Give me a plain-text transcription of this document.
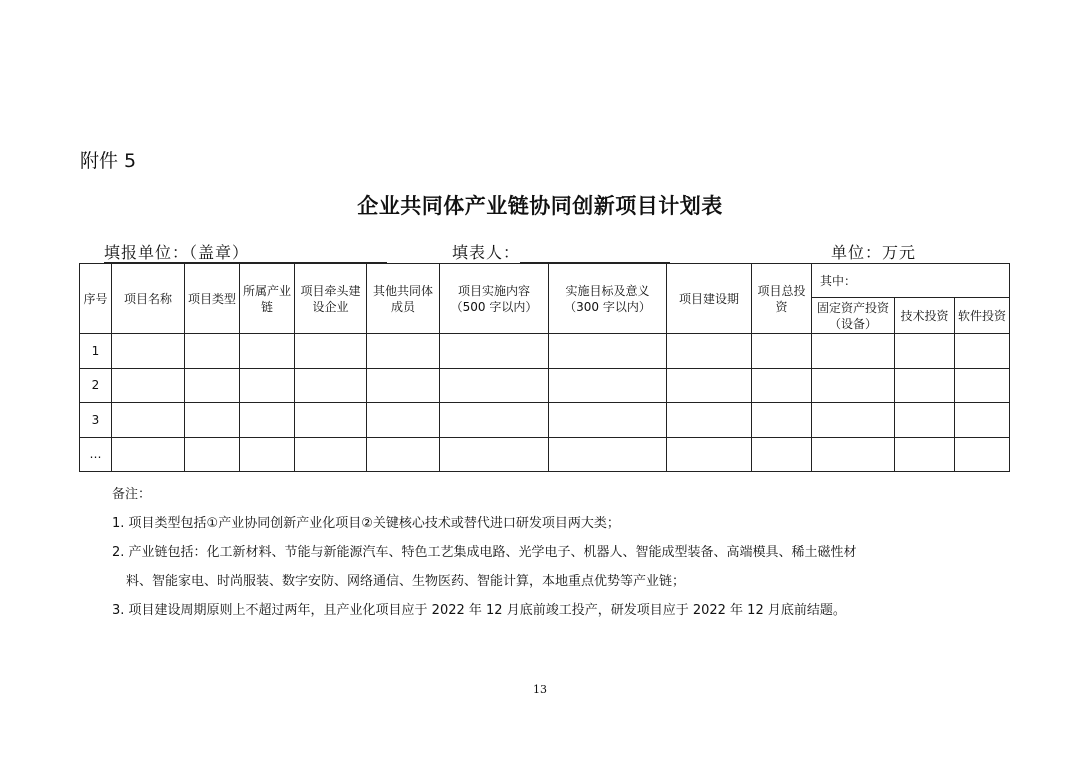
附件 5
企业共同体产业链协同创新项目计划表
填报单位：（盖章）	填表人：	单位：万元
序号	项目名称	项目类型	所属产业链	项目牵头建设企业	其他共同体成员	项目实施内容（500 字以内）	实施目标及意义（300 字以内）	项目建设期	项目总投资	其中：		
										固定资产投资（设备）	技术投资	软件投资
1												
2												
3												
…												
备注：
1. 项目类型包括①产业协同创新产业化项目②关键核心技术或替代进口研发项目两大类；
2. 产业链包括：化工新材料、节能与新能源汽车、特色工艺集成电路、光学电子、机器人、智能成型装备、高端模具、稀土磁性材
料、智能家电、时尚服装、数字安防、网络通信、生物医药、智能计算，本地重点优势等产业链；
3. 项目建设周期原则上不超过两年，且产业化项目应于 2022 年 12 月底前竣工投产，研发项目应于 2022 年 12 月底前结题。
13
